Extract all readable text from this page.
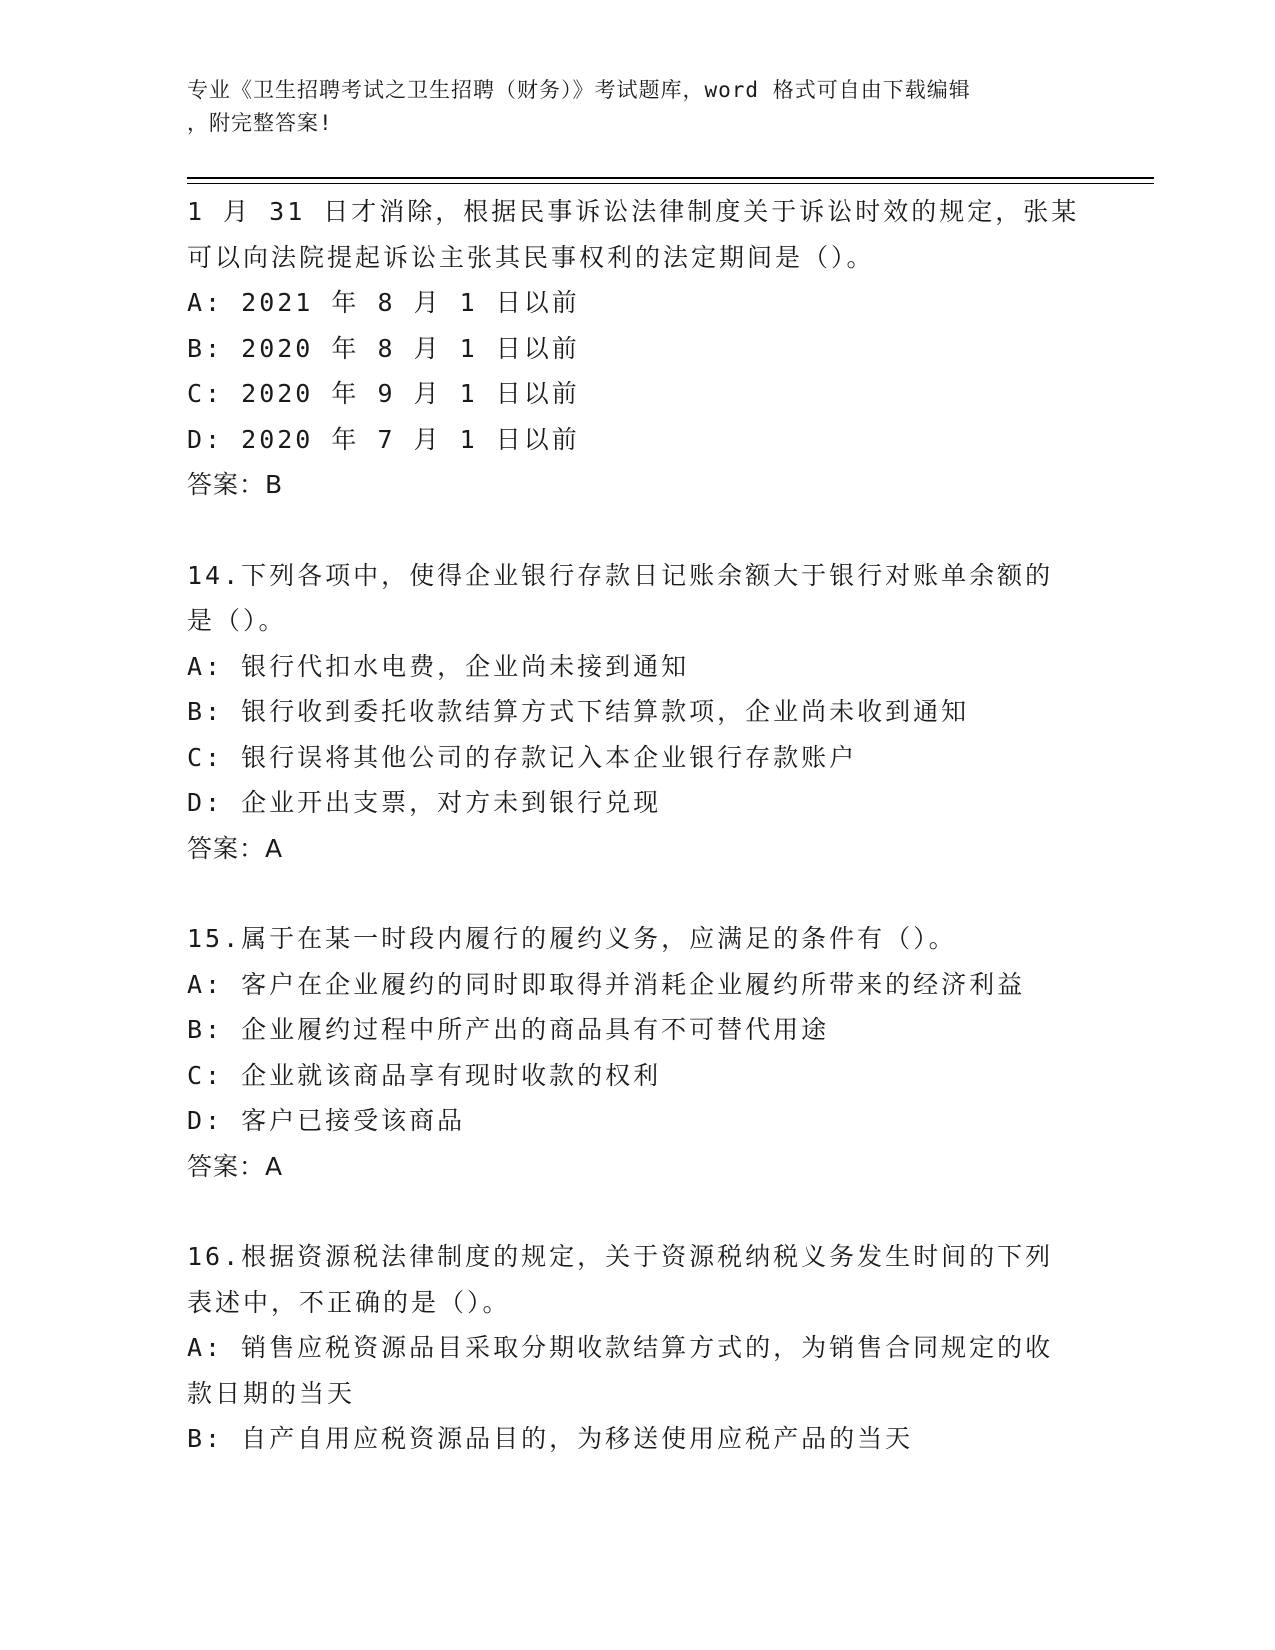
专业《卫生招聘考试之卫生招聘（财务）》考试题库，word 格式可自由下载编辑
，附完整答案!
1 月 31 日才消除，根据民事诉讼法律制度关于诉讼时效的规定，张某
可以向法院提起诉讼主张其民事权利的法定期间是（）。
A: 2021 年 8 月 1 日以前
B: 2020 年 8 月 1 日以前
C: 2020 年 9 月 1 日以前
D: 2020 年 7 月 1 日以前
答案：B
14.下列各项中，使得企业银行存款日记账余额大于银行对账单余额的
是（）。
A: 银行代扣水电费，企业尚未接到通知
B: 银行收到委托收款结算方式下结算款项，企业尚未收到通知
C: 银行误将其他公司的存款记入本企业银行存款账户
D: 企业开出支票，对方未到银行兑现
答案：A
15.属于在某一时段内履行的履约义务，应满足的条件有（）。
A: 客户在企业履约的同时即取得并消耗企业履约所带来的经济利益
B: 企业履约过程中所产出的商品具有不可替代用途
C: 企业就该商品享有现时收款的权利
D: 客户已接受该商品
答案：A
16.根据资源税法律制度的规定，关于资源税纳税义务发生时间的下列
表述中，不正确的是（）。
A: 销售应税资源品目采取分期收款结算方式的，为销售合同规定的收
款日期的当天
B: 自产自用应税资源品目的，为移送使用应税产品的当天
